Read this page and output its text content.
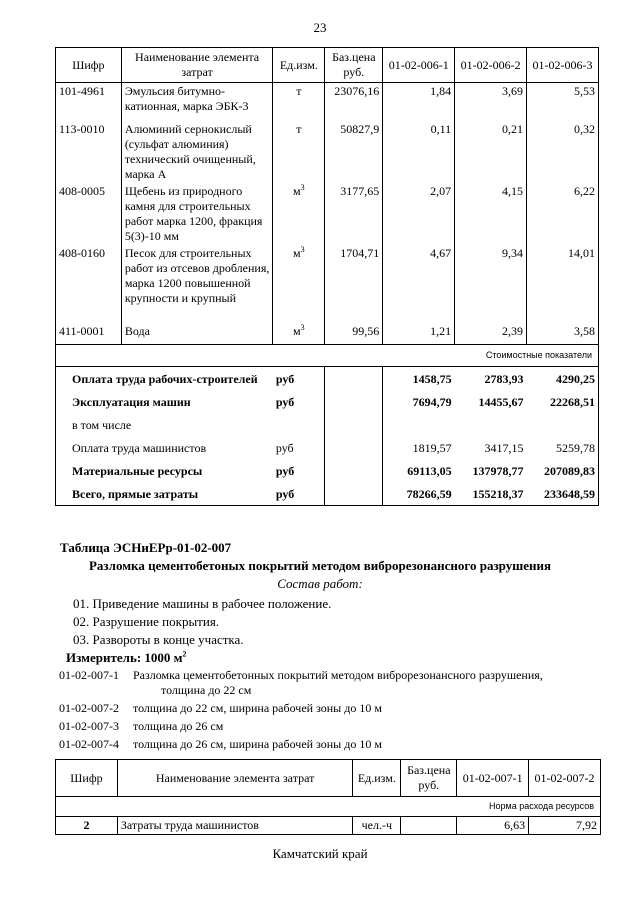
23
Шифр	Наименование элемента затрат	Ед.изм.	Баз.цена руб.	01-02-006-1	01-02-006-2	01-02-006-3
101-4961	Эмульсия битумно-катионная, марка ЭБК-3	т	23076,16	1,84	3,69	5,53
113-0010	Алюминий сернокислый (сульфат алюминия) технический очищенный, марка А	т	50827,9	0,11	0,21	0,32
408-0005	Щебень из природного камня для строительных работ марка 1200, фракция 5(3)-10 мм	$м^3$	3177,65	2,07	4,15	6,22
408-0160	Песок для строительных работ из отсевов дробления, марка 1200 повышенной крупности и крупный	$м^3$	1704,71	4,67	9,34	14,01
411-0001	Вода	$м^3$	99,56	1,21	2,39	3,58
Стоимостные показатели						
Оплата труда рабочих-строителей		руб		1458,75	2783,93	4290,25
Эксплуатация машин		руб		7694,79	14455,67	22268,51
в том числе						
Оплата труда машинистов		руб		1819,57	3417,15	5259,78
Материальные ресурсы		руб		69113,05	137978,77	207089,83
Всего, прямые затраты		руб		78266,59	155218,37	233648,59
Таблица ЭСНиЕРр-01-02-007
Разломка цементобетоных покрытий методом виброрезонансного разрушения
Состав работ:
01. Приведение машины в рабочее положение.
02. Разрушение покрытия.
03. Развороты в конце участка.
Измеритель: 1000 $м^2$
01-02-007-1 Разломка цементобетонных покрытий методом виброрезонансного разрушения,
толщина до 22 см
01-02-007-2 толщина до 22 см, ширина рабочей зоны до 10 м
01-02-007-3 толщина до 26 см
01-02-007-4 толщина до 26 см, ширина рабочей зоны до 10 м
Шифр	Наименование элемента затрат	Ед.изм.	Баз.цена руб.	01-02-007-1	01-02-007-2
Норма расхода ресурсов					
2	Затраты труда машинистов	чел.-ч		6,63	7,92
Камчатский край
